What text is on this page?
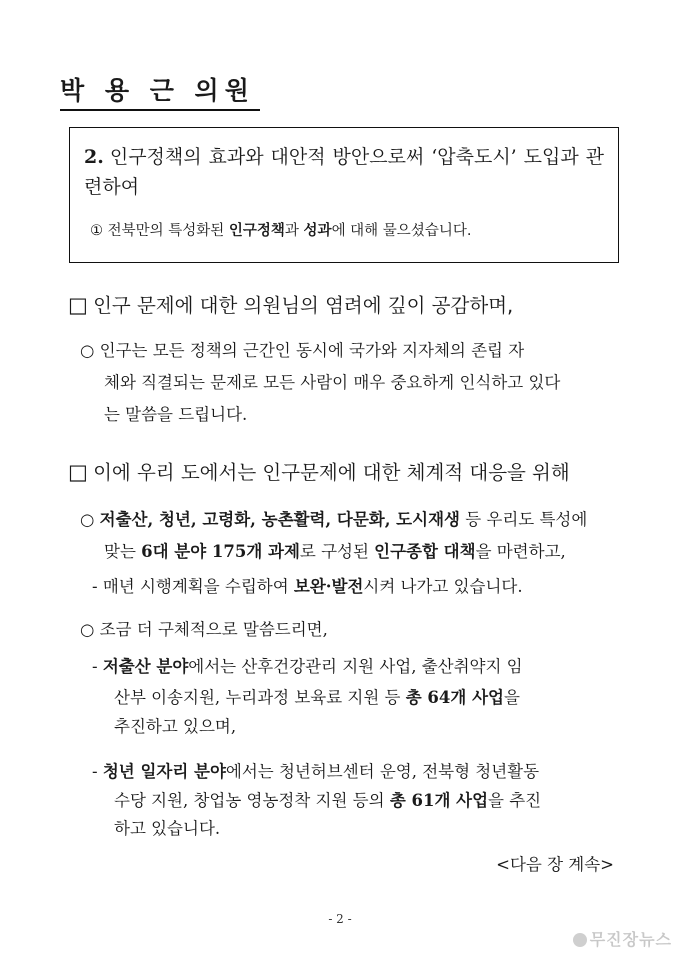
박 용 근 의원
2. 인구정책의 효과와 대안적 방안으로써 ‘압축도시’ 도입과 관련하여
① 전북만의 특성화된 인구정책과 성과에 대해 물으셨습니다.
□ 인구 문제에 대한 의원님의 염려에 깊이 공감하며,
○ 인구는 모든 정책의 근간인 동시에 국가와 지자체의 존립 자
체와 직결되는 문제로 모든 사람이 매우 중요하게 인식하고 있다
는 말씀을 드립니다.
□ 이에 우리 도에서는 인구문제에 대한 체계적 대응을 위해
○ 저출산, 청년, 고령화, 농촌활력, 다문화, 도시재생 등 우리도 특성에
맞는 6대 분야 175개 과제로 구성된 인구종합 대책을 마련하고,
- 매년 시행계획을 수립하여 보완·발전시켜 나가고 있습니다.
○ 조금 더 구체적으로 말씀드리면,
- 저출산 분야에서는 산후건강관리 지원 사업, 출산취약지 임
산부 이송지원, 누리과정 보육료 지원 등 총 64개 사업을
추진하고 있으며,
- 청년 일자리 분야에서는 청년허브센터 운영, 전북형 청년활동
수당 지원, 창업농 영농정착 지원 등의 총 61개 사업을 추진
하고 있습니다.
<다음 장 계속>
- 2 -
무진장뉴스
